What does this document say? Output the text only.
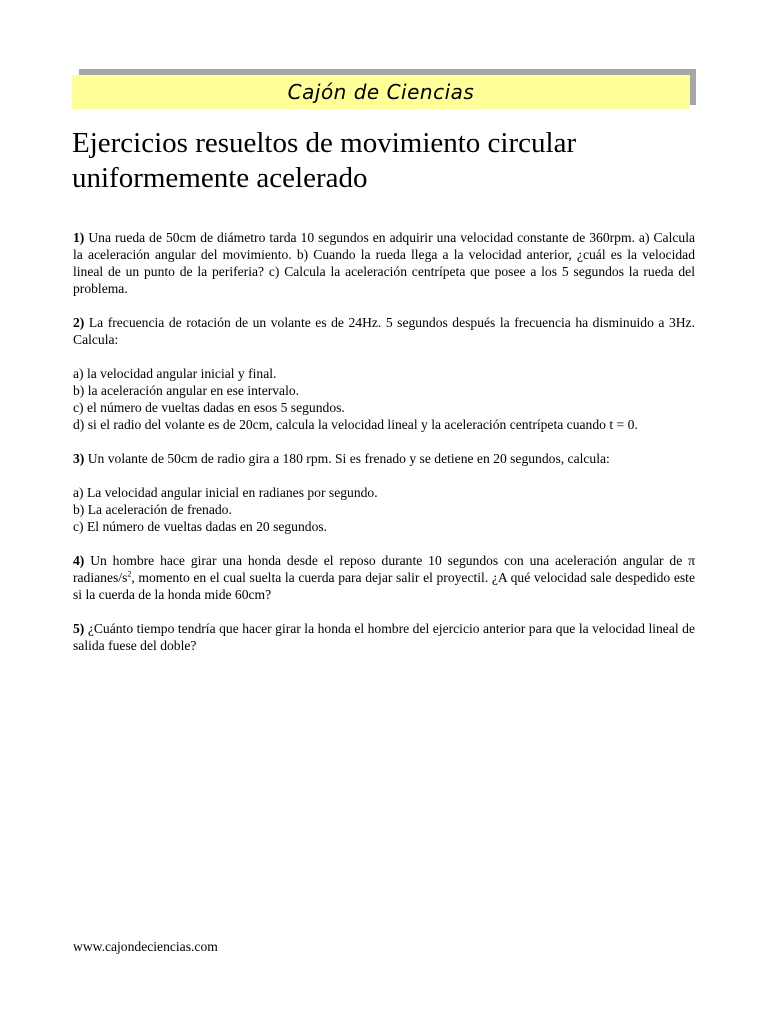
Cajón de Ciencias
Ejercicios resueltos de movimiento circular uniformemente acelerado

1) Una rueda de 50cm de diámetro tarda 10 segundos en adquirir una velocidad constante de 360rpm. a) Calcula la aceleración angular del movimiento. b) Cuando la rueda llega a la velocidad anterior, ¿cuál es la velocidad lineal de un punto de la periferia? c) Calcula la aceleración centrípeta que posee a los 5 segundos la rueda del problema.

2) La frecuencia de rotación de un volante es de 24Hz. 5 segundos después la frecuencia ha disminuido a 3Hz. Calcula:

a) la velocidad angular inicial y final.

b) la aceleración angular en ese intervalo.

c) el número de vueltas dadas en esos 5 segundos.

d) si el radio del volante es de 20cm, calcula la velocidad lineal y la aceleración centrípeta cuando t = 0.

3) Un volante de 50cm de radio gira a 180 rpm. Si es frenado y se detiene en 20 segundos, calcula:

a) La velocidad angular inicial en radianes por segundo.

b) La aceleración de frenado.

c) El número de vueltas dadas en 20 segundos.

4) Un hombre hace girar una honda desde el reposo durante 10 segundos con una aceleración angular de π radianes/$s^2$, momento en el cual suelta la cuerda para dejar salir el proyectil. ¿A qué velocidad sale despedido este si la cuerda de la honda mide 60cm?

5) ¿Cuánto tiempo tendría que hacer girar la honda el hombre del ejercicio anterior para que la velocidad lineal de salida fuese del doble?

www.cajondeciencias.com
